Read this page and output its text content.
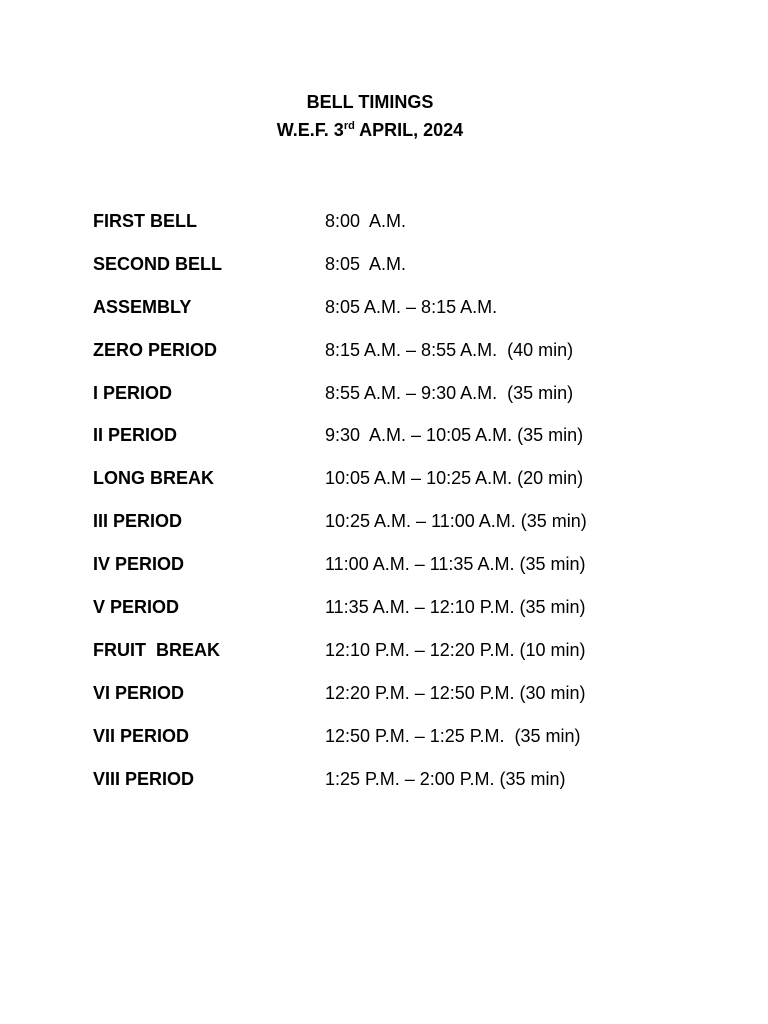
BELL TIMINGS
W.E.F. 3rd APRIL, 2024
FIRST BELL	8:00  A.M.
SECOND BELL	8:05  A.M.
ASSEMBLY	8:05 A.M. – 8:15 A.M.
ZERO PERIOD	8:15 A.M. – 8:55 A.M.  (40 min)
I PERIOD	8:55 A.M. – 9:30 A.M.  (35 min)
II PERIOD	9:30  A.M. – 10:05 A.M. (35 min)
LONG BREAK	10:05 A.M – 10:25 A.M. (20 min)
III PERIOD	10:25 A.M. – 11:00 A.M. (35 min)
IV PERIOD	11:00 A.M. – 11:35 A.M. (35 min)
V PERIOD	11:35 A.M. – 12:10 P.M. (35 min)
FRUIT  BREAK	12:10 P.M. – 12:20 P.M. (10 min)
VI PERIOD	12:20 P.M. – 12:50 P.M. (30 min)
VII PERIOD	12:50 P.M. – 1:25 P.M.  (35 min)
VIII PERIOD	1:25 P.M. – 2:00 P.M. (35 min)
